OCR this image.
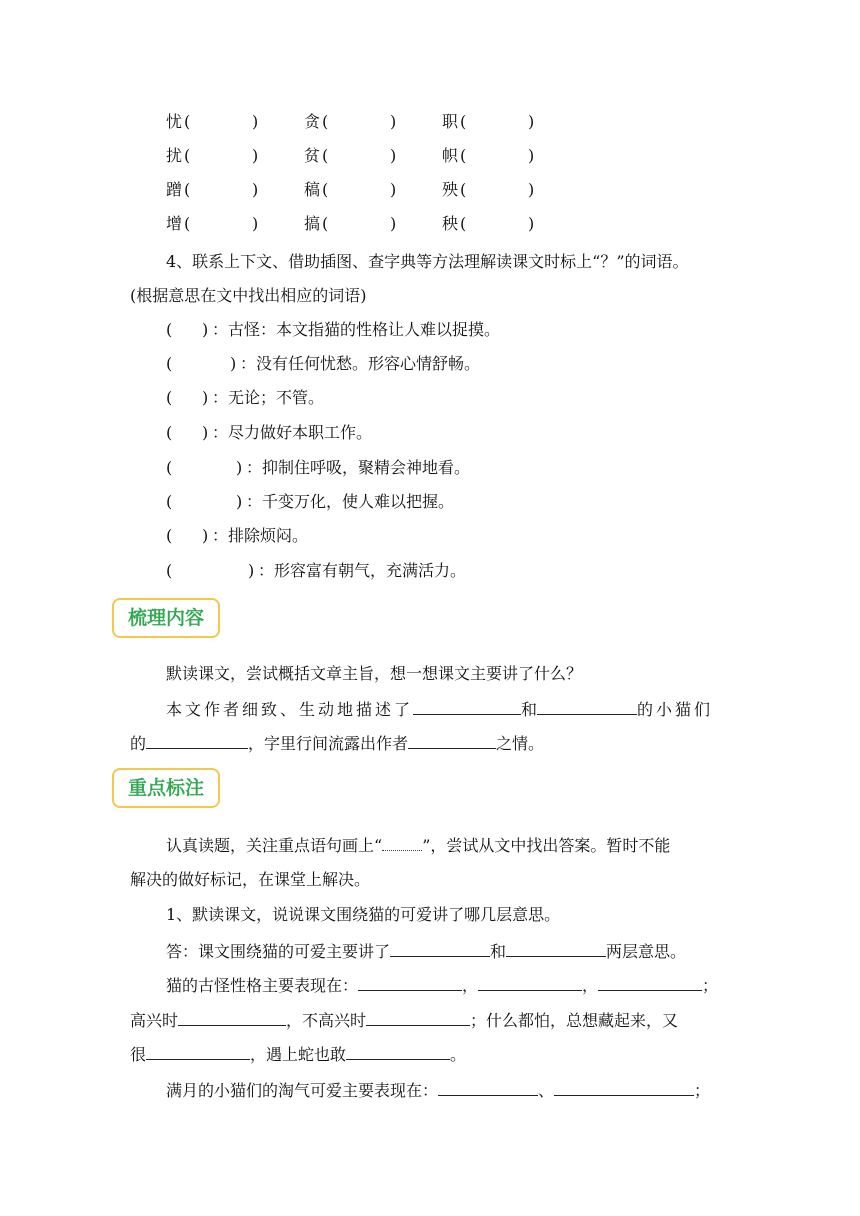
忧 (	)	贪 (	)	职 (	)
扰 (	)	贫 (	)	帜 (	)
蹭 (	)	稿 (	)	殃 (	)
增 (	)	搞 (	)	秧 (	)
4、联系上下文、借助插图、查字典等方法理解读课文时标上“？”的词语。
(根据意思在文中找出相应的词语)
( ) ：古怪：本文指猫的性格让人难以捉摸。
(	) ：没有任何忧愁。形容心情舒畅。
( ) ：无论；不管。
( ) ：尽力做好本职工作。
(	) ：抑制住呼吸，聚精会神地看。
(	) ：千变万化，使人难以把握。
( ) ：排除烦闷。
(	) ：形容富有朝气，充满活力。
梳理内容
默读课文，尝试概括文章主旨，想一想课文主要讲了什么？
本文作者细致、生动地描述了	和	的小猫们
的	，字里行间流露出作者	之情。
重点标注
认真读题，关注重点语句画上“	”，尝试从文中找出答案。暂时不能
解决的做好标记，在课堂上解决。
1、默读课文，说说课文围绕猫的可爱讲了哪几层意思。
答：课文围绕猫的可爱主要讲了	和	两层意思。
猫的古怪性格主要表现在：	，	，	；
高兴时	，不高兴时	；什么都怕，总想藏起来，又
很	，遇上蛇也敢	。
满月的小猫们的淘气可爱主要表现在：	、	；
